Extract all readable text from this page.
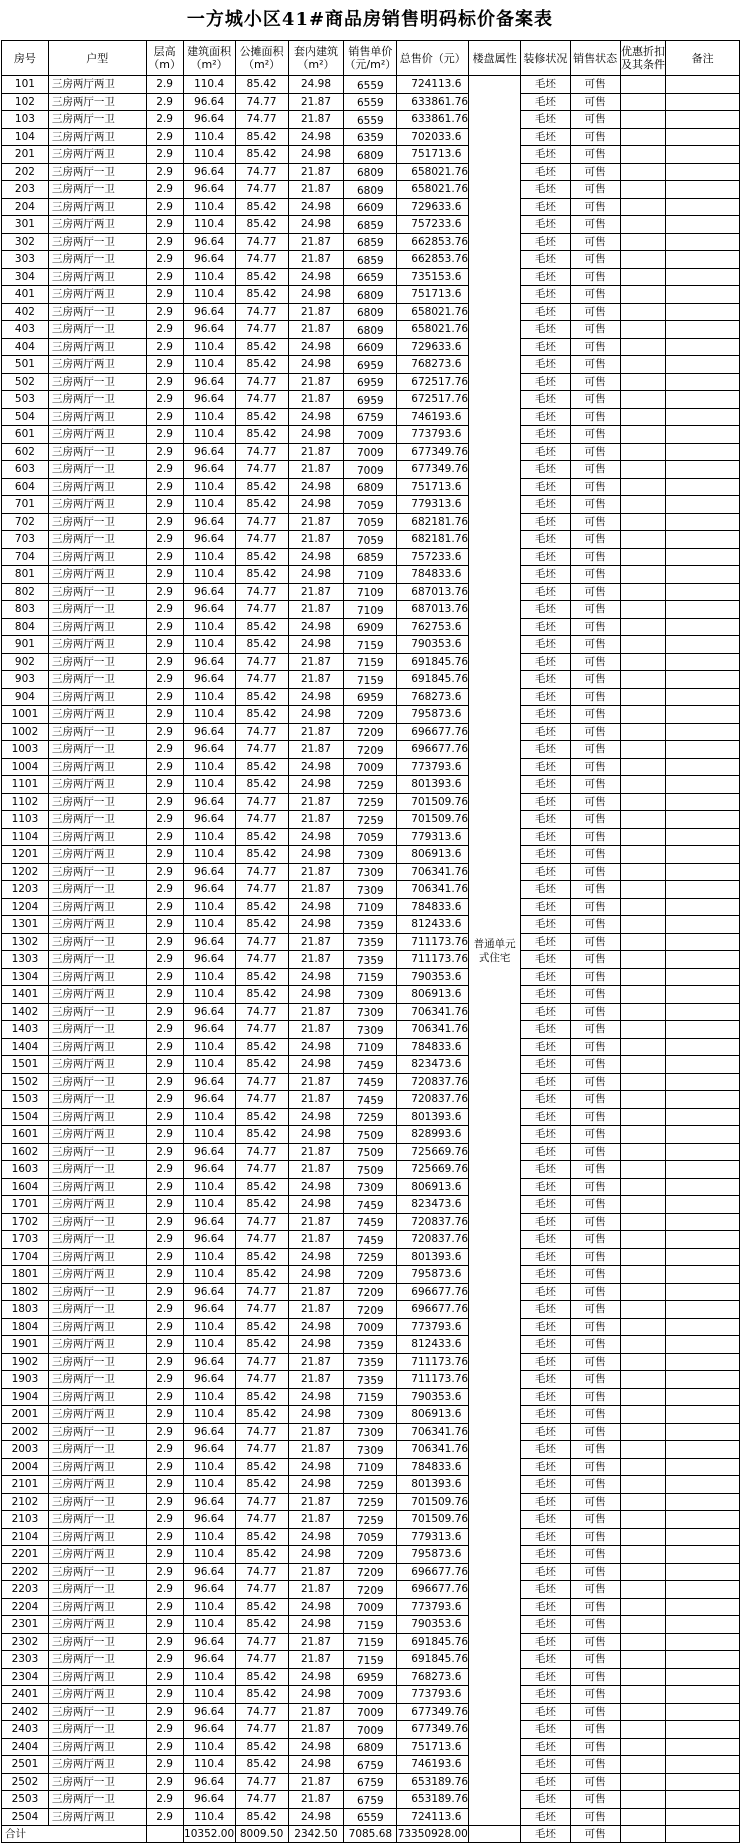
一方城小区41#商品房销售明码标价备案表
房号	户型	层高（m）	建筑面积（m²）	公摊面积（m²）	套内建筑（m²）	销售单价（元/m²）	总售价（元）	楼盘属性	装修状况	销售状态	优惠折扣及其条件	备注
101	三房两厅两卫	2.9	110.4	85.42	24.98	6559	724113.6	普通单元式住宅	毛坯	可售		
102	三房两厅一卫	2.9	96.64	74.77	21.87	6559	633861.76		毛坯	可售		
103	三房两厅一卫	2.9	96.64	74.77	21.87	6559	633861.76		毛坯	可售		
104	三房两厅两卫	2.9	110.4	85.42	24.98	6359	702033.6		毛坯	可售		
201	三房两厅两卫	2.9	110.4	85.42	24.98	6809	751713.6		毛坯	可售		
202	三房两厅一卫	2.9	96.64	74.77	21.87	6809	658021.76		毛坯	可售		
203	三房两厅一卫	2.9	96.64	74.77	21.87	6809	658021.76		毛坯	可售		
204	三房两厅两卫	2.9	110.4	85.42	24.98	6609	729633.6		毛坯	可售		
301	三房两厅两卫	2.9	110.4	85.42	24.98	6859	757233.6		毛坯	可售		
302	三房两厅一卫	2.9	96.64	74.77	21.87	6859	662853.76		毛坯	可售		
303	三房两厅一卫	2.9	96.64	74.77	21.87	6859	662853.76		毛坯	可售		
304	三房两厅两卫	2.9	110.4	85.42	24.98	6659	735153.6		毛坯	可售		
401	三房两厅两卫	2.9	110.4	85.42	24.98	6809	751713.6		毛坯	可售		
402	三房两厅一卫	2.9	96.64	74.77	21.87	6809	658021.76		毛坯	可售		
403	三房两厅一卫	2.9	96.64	74.77	21.87	6809	658021.76		毛坯	可售		
404	三房两厅两卫	2.9	110.4	85.42	24.98	6609	729633.6		毛坯	可售		
501	三房两厅两卫	2.9	110.4	85.42	24.98	6959	768273.6		毛坯	可售		
502	三房两厅一卫	2.9	96.64	74.77	21.87	6959	672517.76		毛坯	可售		
503	三房两厅一卫	2.9	96.64	74.77	21.87	6959	672517.76		毛坯	可售		
504	三房两厅两卫	2.9	110.4	85.42	24.98	6759	746193.6		毛坯	可售		
601	三房两厅两卫	2.9	110.4	85.42	24.98	7009	773793.6		毛坯	可售		
602	三房两厅一卫	2.9	96.64	74.77	21.87	7009	677349.76		毛坯	可售		
603	三房两厅一卫	2.9	96.64	74.77	21.87	7009	677349.76		毛坯	可售		
604	三房两厅两卫	2.9	110.4	85.42	24.98	6809	751713.6		毛坯	可售		
701	三房两厅两卫	2.9	110.4	85.42	24.98	7059	779313.6		毛坯	可售		
702	三房两厅一卫	2.9	96.64	74.77	21.87	7059	682181.76		毛坯	可售		
703	三房两厅一卫	2.9	96.64	74.77	21.87	7059	682181.76		毛坯	可售		
704	三房两厅两卫	2.9	110.4	85.42	24.98	6859	757233.6		毛坯	可售		
801	三房两厅两卫	2.9	110.4	85.42	24.98	7109	784833.6		毛坯	可售		
802	三房两厅一卫	2.9	96.64	74.77	21.87	7109	687013.76		毛坯	可售		
803	三房两厅一卫	2.9	96.64	74.77	21.87	7109	687013.76		毛坯	可售		
804	三房两厅两卫	2.9	110.4	85.42	24.98	6909	762753.6		毛坯	可售		
901	三房两厅两卫	2.9	110.4	85.42	24.98	7159	790353.6		毛坯	可售		
902	三房两厅一卫	2.9	96.64	74.77	21.87	7159	691845.76		毛坯	可售		
903	三房两厅一卫	2.9	96.64	74.77	21.87	7159	691845.76		毛坯	可售		
904	三房两厅两卫	2.9	110.4	85.42	24.98	6959	768273.6		毛坯	可售		
1001	三房两厅两卫	2.9	110.4	85.42	24.98	7209	795873.6		毛坯	可售		
1002	三房两厅一卫	2.9	96.64	74.77	21.87	7209	696677.76		毛坯	可售		
1003	三房两厅一卫	2.9	96.64	74.77	21.87	7209	696677.76		毛坯	可售		
1004	三房两厅两卫	2.9	110.4	85.42	24.98	7009	773793.6		毛坯	可售		
1101	三房两厅两卫	2.9	110.4	85.42	24.98	7259	801393.6		毛坯	可售		
1102	三房两厅一卫	2.9	96.64	74.77	21.87	7259	701509.76		毛坯	可售		
1103	三房两厅一卫	2.9	96.64	74.77	21.87	7259	701509.76		毛坯	可售		
1104	三房两厅两卫	2.9	110.4	85.42	24.98	7059	779313.6		毛坯	可售		
1201	三房两厅两卫	2.9	110.4	85.42	24.98	7309	806913.6		毛坯	可售		
1202	三房两厅一卫	2.9	96.64	74.77	21.87	7309	706341.76		毛坯	可售		
1203	三房两厅一卫	2.9	96.64	74.77	21.87	7309	706341.76		毛坯	可售		
1204	三房两厅两卫	2.9	110.4	85.42	24.98	7109	784833.6		毛坯	可售		
1301	三房两厅两卫	2.9	110.4	85.42	24.98	7359	812433.6		毛坯	可售		
1302	三房两厅一卫	2.9	96.64	74.77	21.87	7359	711173.76		毛坯	可售		
1303	三房两厅一卫	2.9	96.64	74.77	21.87	7359	711173.76		毛坯	可售		
1304	三房两厅两卫	2.9	110.4	85.42	24.98	7159	790353.6		毛坯	可售		
1401	三房两厅两卫	2.9	110.4	85.42	24.98	7309	806913.6		毛坯	可售		
1402	三房两厅一卫	2.9	96.64	74.77	21.87	7309	706341.76		毛坯	可售		
1403	三房两厅一卫	2.9	96.64	74.77	21.87	7309	706341.76		毛坯	可售		
1404	三房两厅两卫	2.9	110.4	85.42	24.98	7109	784833.6		毛坯	可售		
1501	三房两厅两卫	2.9	110.4	85.42	24.98	7459	823473.6		毛坯	可售		
1502	三房两厅一卫	2.9	96.64	74.77	21.87	7459	720837.76		毛坯	可售		
1503	三房两厅一卫	2.9	96.64	74.77	21.87	7459	720837.76		毛坯	可售		
1504	三房两厅两卫	2.9	110.4	85.42	24.98	7259	801393.6		毛坯	可售		
1601	三房两厅两卫	2.9	110.4	85.42	24.98	7509	828993.6		毛坯	可售		
1602	三房两厅一卫	2.9	96.64	74.77	21.87	7509	725669.76		毛坯	可售		
1603	三房两厅一卫	2.9	96.64	74.77	21.87	7509	725669.76		毛坯	可售		
1604	三房两厅两卫	2.9	110.4	85.42	24.98	7309	806913.6		毛坯	可售		
1701	三房两厅两卫	2.9	110.4	85.42	24.98	7459	823473.6		毛坯	可售		
1702	三房两厅一卫	2.9	96.64	74.77	21.87	7459	720837.76		毛坯	可售		
1703	三房两厅一卫	2.9	96.64	74.77	21.87	7459	720837.76		毛坯	可售		
1704	三房两厅两卫	2.9	110.4	85.42	24.98	7259	801393.6		毛坯	可售		
1801	三房两厅两卫	2.9	110.4	85.42	24.98	7209	795873.6		毛坯	可售		
1802	三房两厅一卫	2.9	96.64	74.77	21.87	7209	696677.76		毛坯	可售		
1803	三房两厅一卫	2.9	96.64	74.77	21.87	7209	696677.76		毛坯	可售		
1804	三房两厅两卫	2.9	110.4	85.42	24.98	7009	773793.6		毛坯	可售		
1901	三房两厅两卫	2.9	110.4	85.42	24.98	7359	812433.6		毛坯	可售		
1902	三房两厅一卫	2.9	96.64	74.77	21.87	7359	711173.76		毛坯	可售		
1903	三房两厅一卫	2.9	96.64	74.77	21.87	7359	711173.76		毛坯	可售		
1904	三房两厅两卫	2.9	110.4	85.42	24.98	7159	790353.6		毛坯	可售		
2001	三房两厅两卫	2.9	110.4	85.42	24.98	7309	806913.6		毛坯	可售		
2002	三房两厅一卫	2.9	96.64	74.77	21.87	7309	706341.76		毛坯	可售		
2003	三房两厅一卫	2.9	96.64	74.77	21.87	7309	706341.76		毛坯	可售		
2004	三房两厅两卫	2.9	110.4	85.42	24.98	7109	784833.6		毛坯	可售		
2101	三房两厅两卫	2.9	110.4	85.42	24.98	7259	801393.6		毛坯	可售		
2102	三房两厅一卫	2.9	96.64	74.77	21.87	7259	701509.76		毛坯	可售		
2103	三房两厅一卫	2.9	96.64	74.77	21.87	7259	701509.76		毛坯	可售		
2104	三房两厅两卫	2.9	110.4	85.42	24.98	7059	779313.6		毛坯	可售		
2201	三房两厅两卫	2.9	110.4	85.42	24.98	7209	795873.6		毛坯	可售		
2202	三房两厅一卫	2.9	96.64	74.77	21.87	7209	696677.76		毛坯	可售		
2203	三房两厅一卫	2.9	96.64	74.77	21.87	7209	696677.76		毛坯	可售		
2204	三房两厅两卫	2.9	110.4	85.42	24.98	7009	773793.6		毛坯	可售		
2301	三房两厅两卫	2.9	110.4	85.42	24.98	7159	790353.6		毛坯	可售		
2302	三房两厅一卫	2.9	96.64	74.77	21.87	7159	691845.76		毛坯	可售		
2303	三房两厅一卫	2.9	96.64	74.77	21.87	7159	691845.76		毛坯	可售		
2304	三房两厅两卫	2.9	110.4	85.42	24.98	6959	768273.6		毛坯	可售		
2401	三房两厅两卫	2.9	110.4	85.42	24.98	7009	773793.6		毛坯	可售		
2402	三房两厅一卫	2.9	96.64	74.77	21.87	7009	677349.76		毛坯	可售		
2403	三房两厅一卫	2.9	96.64	74.77	21.87	7009	677349.76		毛坯	可售		
2404	三房两厅两卫	2.9	110.4	85.42	24.98	6809	751713.6		毛坯	可售		
2501	三房两厅两卫	2.9	110.4	85.42	24.98	6759	746193.6		毛坯	可售		
2502	三房两厅一卫	2.9	96.64	74.77	21.87	6759	653189.76		毛坯	可售		
2503	三房两厅一卫	2.9	96.64	74.77	21.87	6759	653189.76		毛坯	可售		
2504	三房两厅两卫	2.9	110.4	85.42	24.98	6559	724113.6		毛坯	可售		
合计			10352.00	8009.50	2342.50	7085.68	73350928.00		毛坯	可售		
